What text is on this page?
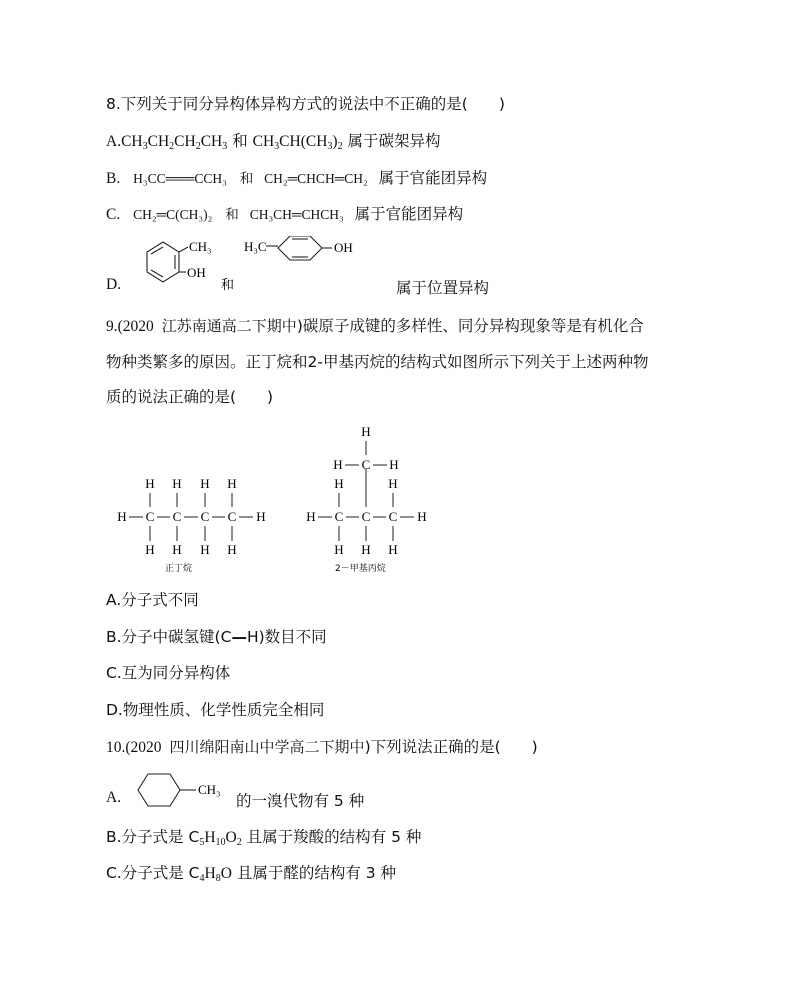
8.下列关于同分异构体异构方式的说法中不正确的是(　　)
$A.CH_3CH_2CH_2CH_3$ 和 $CH_3CH(CH_3)_2$ 属于碳架异构
B. H₃CC═══CCH₃ 和 CH₂═CHCH═CH₂ 属于官能团异构
C. CH₂═C(CH₃)₂ 和 CH₃CH═CHCH₃ 属于官能团异构
D.
CH₃
OH
和
H₃C	OH
属于位置异构
9.(2020 江苏南通高二下期中)碳原子成键的多样性、同分异构现象等是有机化合
物种类繁多的原因。正丁烷和2-甲基丙烷的结构式如图所示下列关于上述两种物
质的说法正确的是(　　)
H C
H
H
C
H
H
C
H
H
C
H
H
H	H C
H
H
C
H
C
H
H
H
C
H
H	H
正丁烷	2－甲基丙烷
A.分子式不同
B.分子中碳氢键(C—H)数目不同
C.互为同分异构体
D.物理性质、化学性质完全相同
10.(2020 四川绵阳南山中学高二下期中)下列说法正确的是(　　)
A.	CH₃
的一溴代物有 5 种
B.分子式是 $C_5H_{10}O_2$ 且属于羧酸的结构有 5 种
C.分子式是 $C_4H_8O$ 且属于醛的结构有 3 种
